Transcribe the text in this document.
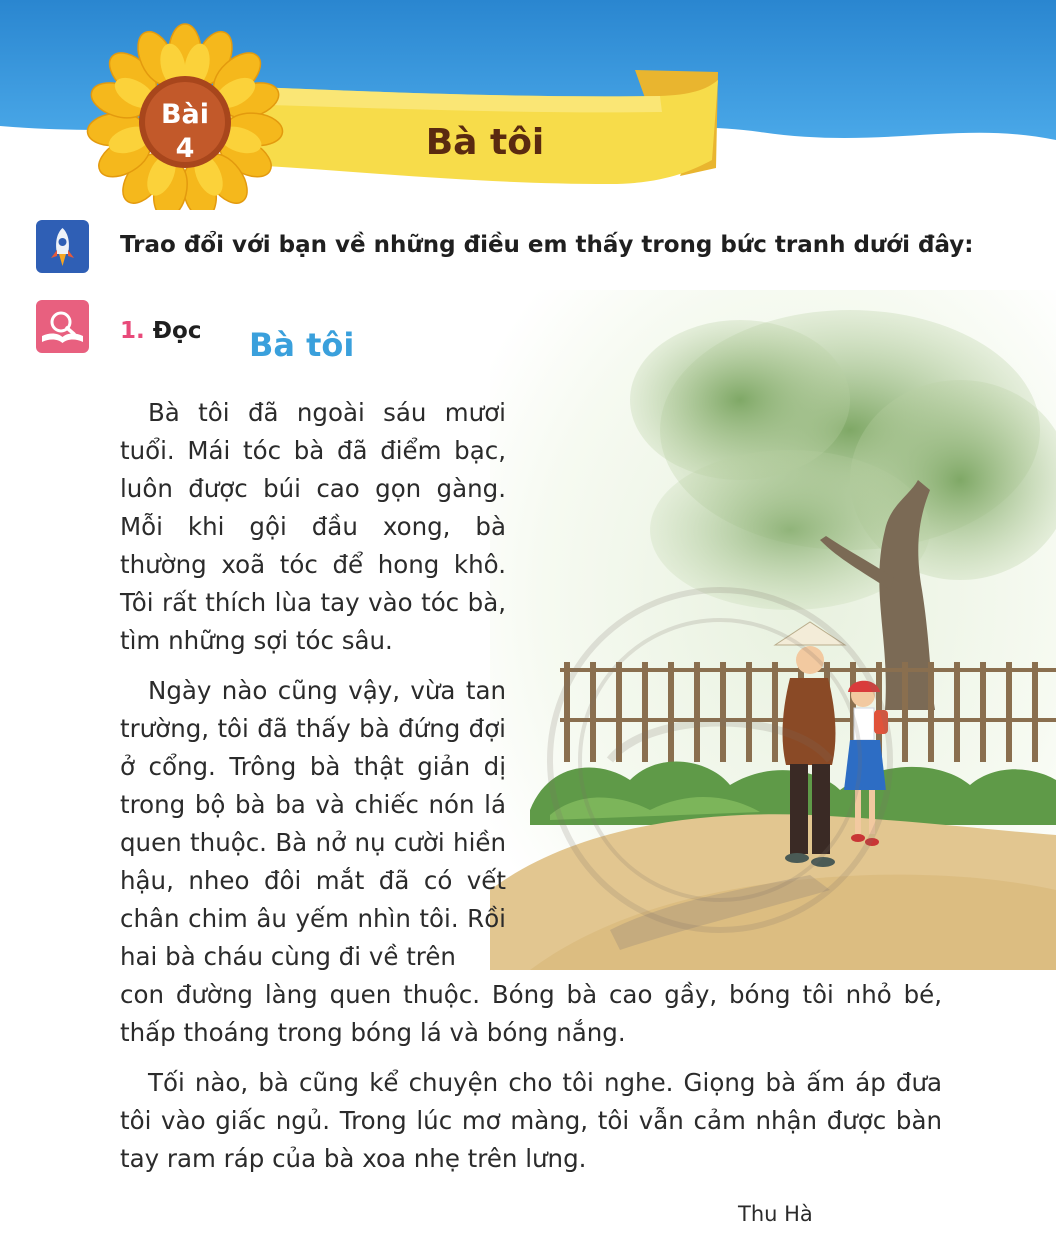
Bài
4	Bà tôi
Trao đổi với bạn về những điều em thấy trong bức tranh dưới đây:
1. Đọc Bà tôi

Bà tôi đã ngoài sáu mươi tuổi. Mái tóc bà đã điểm bạc, luôn được búi cao gọn gàng. Mỗi khi gội đầu xong, bà thường xoã tóc để hong khô. Tôi rất thích lùa tay vào tóc bà, tìm những sợi tóc sâu.

Ngày nào cũng vậy, vừa tan trường, tôi đã thấy bà đứng đợi ở cổng. Trông bà thật giản dị trong bộ bà ba và chiếc nón lá quen thuộc. Bà nở nụ cười hiền hậu, nheo đôi mắt đã có vết chân chim âu yếm nhìn tôi. Rồi hai bà cháu cùng đi về trên

con đường làng quen thuộc. Bóng bà cao gầy, bóng tôi nhỏ bé, thấp thoáng trong bóng lá và bóng nắng.

Tối nào, bà cũng kể chuyện cho tôi nghe. Giọng bà ấm áp đưa tôi vào giấc ngủ. Trong lúc mơ màng, tôi vẫn cảm nhận được bàn tay ram ráp của bà xoa nhẹ trên lưng.

Thu Hà
